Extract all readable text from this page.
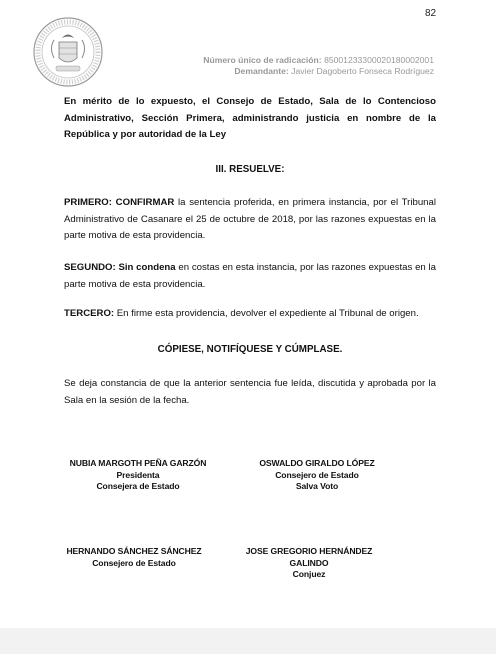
82
Número único de radicación: 85001233300020180002001
Demandante: Javier Dagoberto Fonseca Rodríguez
En mérito de lo expuesto, el Consejo de Estado, Sala de lo Contencioso Administrativo, Sección Primera, administrando justicia en nombre de la República y por autoridad de la Ley
III. RESUELVE:
PRIMERO: CONFIRMAR la sentencia proferida, en primera instancia, por el Tribunal Administrativo de Casanare el 25 de octubre de 2018, por las razones expuestas en la parte motiva de esta providencia.
SEGUNDO: Sin condena en costas en esta instancia, por las razones expuestas en la parte motiva de esta providencia.
TERCERO: En firme esta providencia, devolver el expediente al Tribunal de origen.
CÓPIESE, NOTIFÍQUESE Y CÚMPLASE.
Se deja constancia de que la anterior sentencia fue leída, discutida y aprobada por la Sala en la sesión de la fecha.
NUBIA MARGOTH PEÑA GARZÓN
Presidenta
Consejera de Estado
OSWALDO GIRALDO LÓPEZ
Consejero de Estado
Salva Voto
HERNANDO SÁNCHEZ SÁNCHEZ
Consejero de Estado
JOSE GREGORIO HERNÁNDEZ GALINDO
Conjuez
